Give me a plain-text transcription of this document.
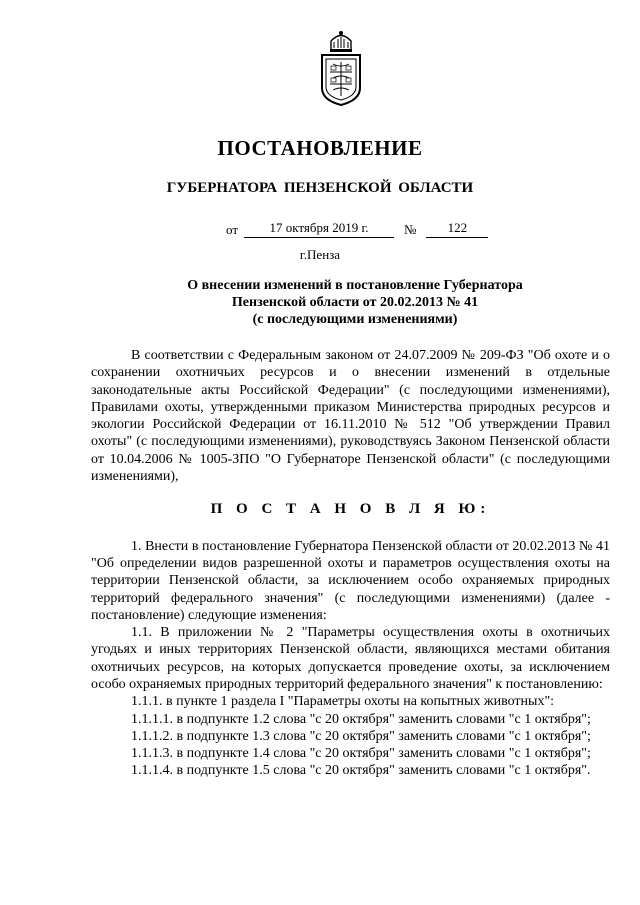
ПОСТАНОВЛЕНИЕ
ГУБЕРНАТОРА ПЕНЗЕНСКОЙ ОБЛАСТИ
от	17 октября 2019 г.	№	122
г.Пенза
О внесении изменений в постановление Губернатора
Пензенской области от 20.02.2013 № 41
(с последующими изменениями)

В соответствии с Федеральным законом от 24.07.2009 № 209-ФЗ "Об охоте и о сохранении охотничьих ресурсов и о внесении изменений в отдельные законодательные акты Российской Федерации" (с последующими изменениями), Правилами охоты, утвержденными приказом Министерства природных ресурсов и экологии Российской Федерации от 16.11.2010 № 512 "Об утверждении Правил охоты" (с последующими изменениями), руководствуясь Законом Пензенской области от 10.04.2006 № 1005-ЗПО "О Губернаторе Пензенской области" (с последующими изменениями),

П О С Т А Н О В Л Я Ю:

1. Внести в постановление Губернатора Пензенской области от 20.02.2013 № 41 "Об определении видов разрешенной охоты и параметров осуществления охоты на территории Пензенской области, за исключением особо охраняемых природных территорий федерального значения" (с последующими изменениями) (далее - постановление) следующие изменения:

1.1. В приложении № 2 "Параметры осуществления охоты в охотничьих угодьях и иных территориях Пензенской области, являющихся местами обитания охотничьих ресурсов, на которых допускается проведение охоты, за исключением особо охраняемых природных территорий федерального значения" к постановлению:

1.1.1. в пункте 1 раздела I "Параметры охоты на копытных животных":

1.1.1.1. в подпункте 1.2 слова "с 20 октября" заменить словами "с 1 октября";

1.1.1.2. в подпункте 1.3 слова "с 20 октября" заменить словами "с 1 октября";

1.1.1.3. в подпункте 1.4 слова "с 20 октября" заменить словами "с 1 октября";

1.1.1.4. в подпункте 1.5 слова "с 20 октября" заменить словами "с 1 октября".
